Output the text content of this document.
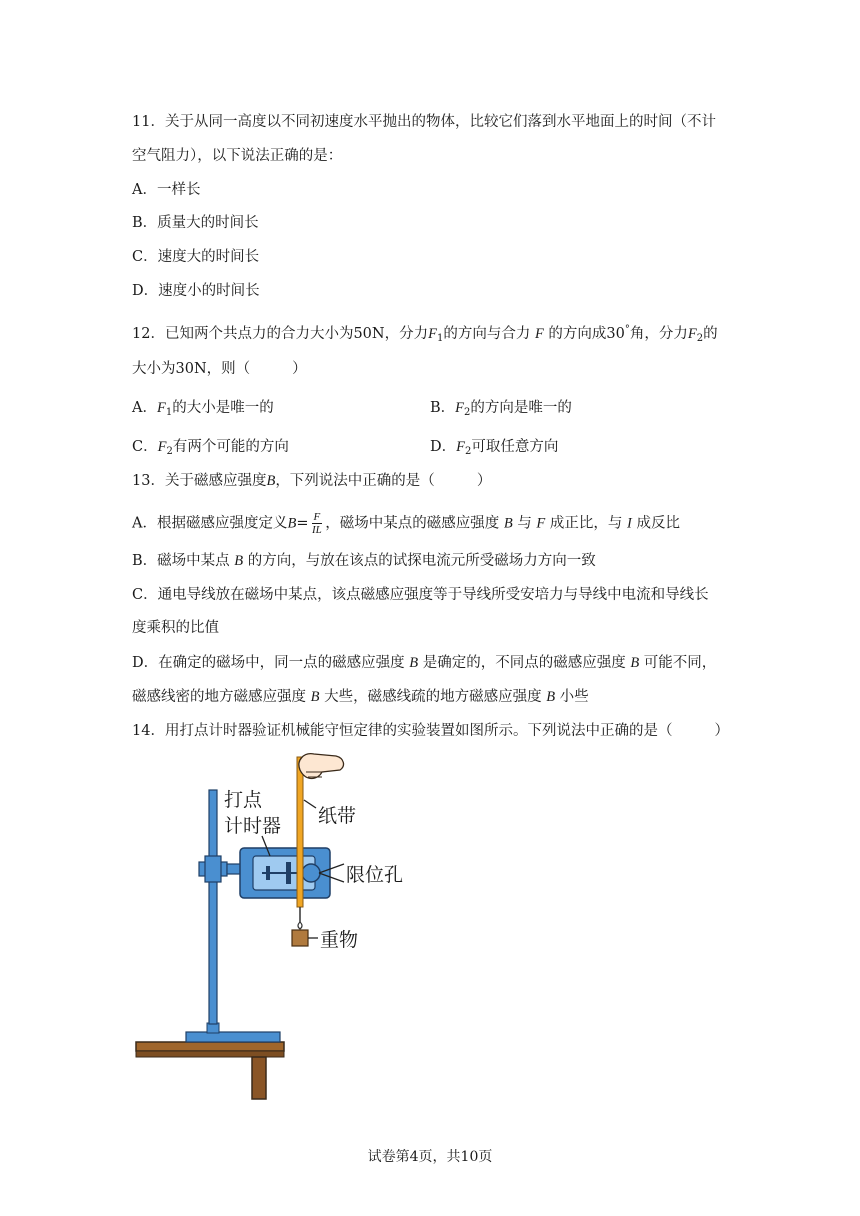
11．关于从同一高度以不同初速度水平抛出的物体，比较它们落到水平地面上的时间（不计
空气阻力），以下说法正确的是：
A．一样长
B．质量大的时间长
C．速度大的时间长
D．速度小的时间长
12．已知两个共点力的合力大小为50N，分力$F_1$的方向与合力 F 的方向成30°角，分力$F_2$的
大小为30N，则（	）
A．$F_1$的大小是唯一的	B．$F_2$的方向是唯一的
C．$F_2$有两个可能的方向	D．$F_2$可取任意方向
13．关于磁感应强度B，下列说法中正确的是（	）
A．根据磁感应强度定义$B= \frac{F}{IL}$ ，磁场中某点的磁感应强度 B 与 F 成正比，与 I 成反比
B．磁场中某点 B 的方向，与放在该点的试探电流元所受磁场力方向一致
C．通电导线放在磁场中某点，该点磁感应强度等于导线所受安培力与导线中电流和导线长
度乘积的比值
D．在确定的磁场中，同一点的磁感应强度 B 是确定的，不同点的磁感应强度 B 可能不同，
磁感线密的地方磁感应强度 B 大些，磁感线疏的地方磁感应强度 B 小些
14．用打点计时器验证机械能守恒定律的实验装置如图所示。下列说法中正确的是（	）
打点
计时器 纸带
限位孔
重物
试卷第4页，共10页
